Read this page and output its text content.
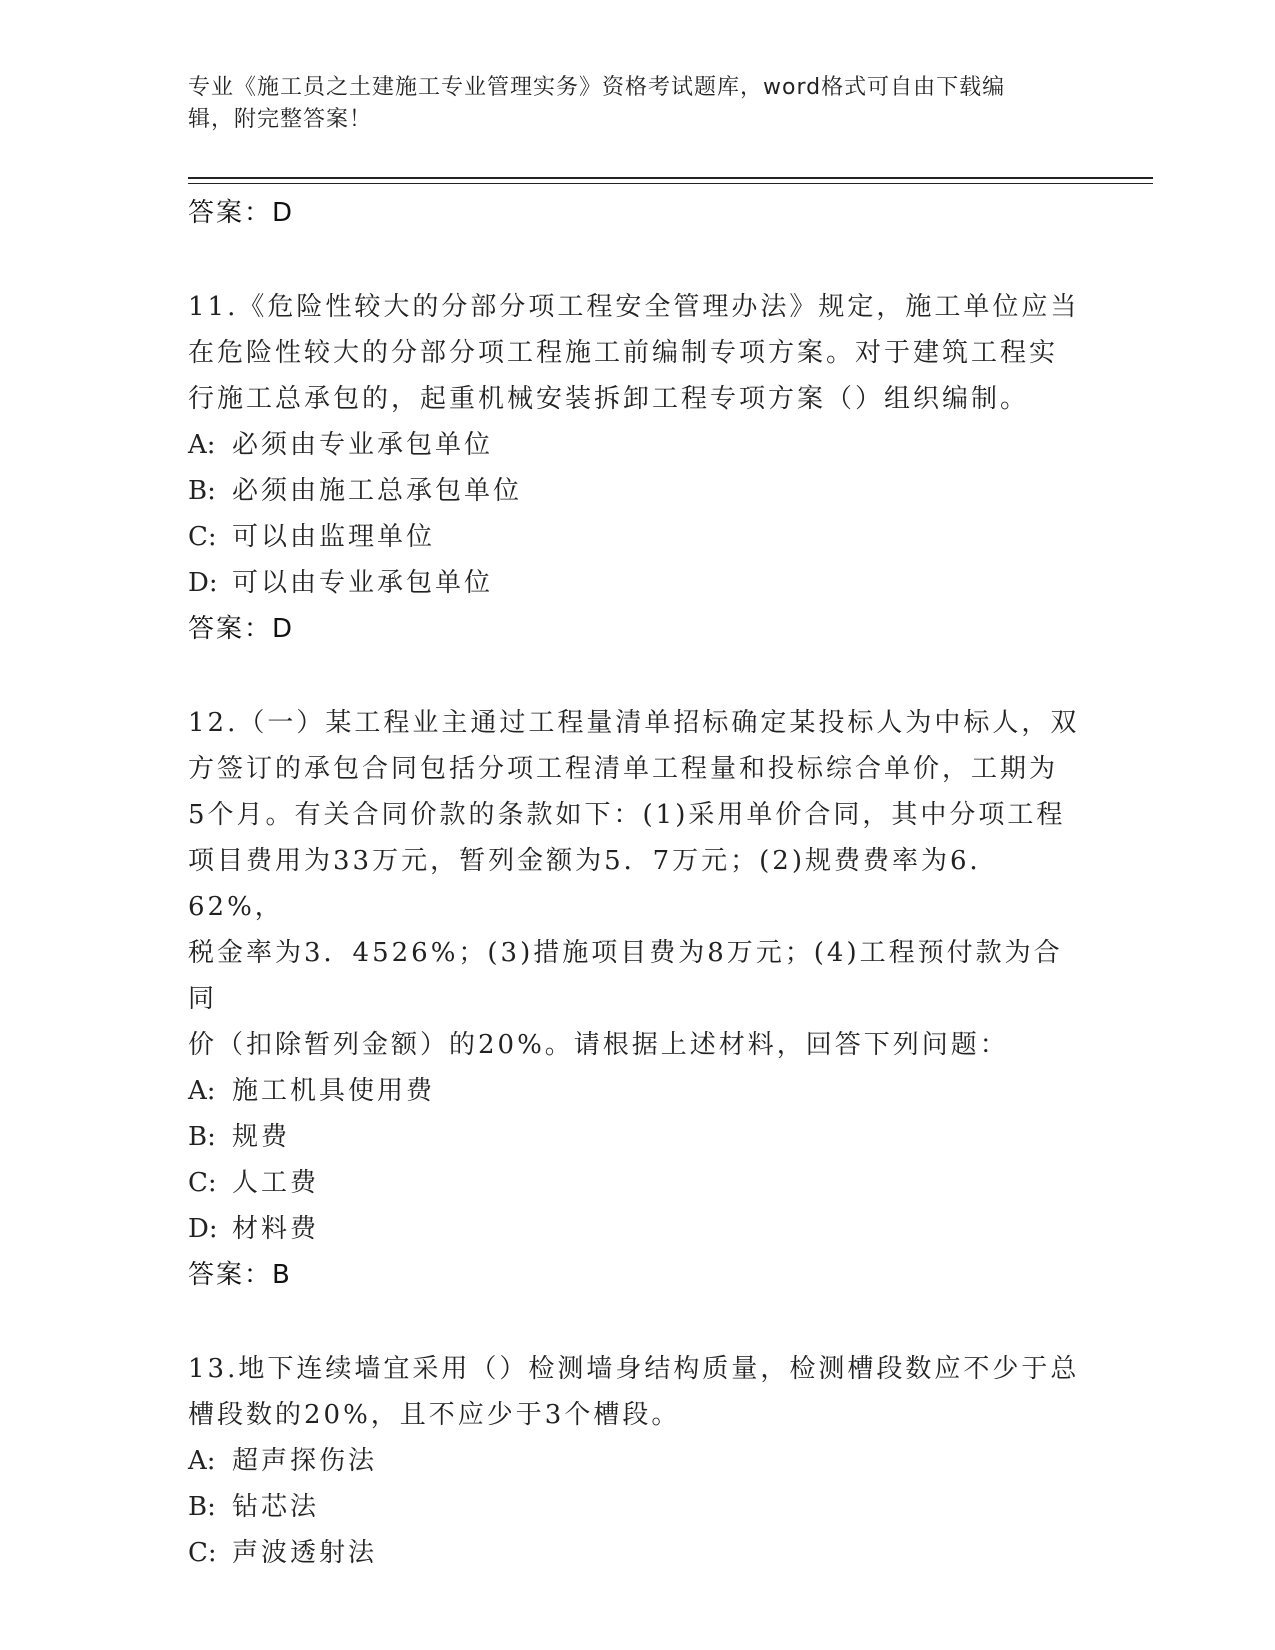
专业《施工员之土建施工专业管理实务》资格考试题库，word格式可自由下载编
辑，附完整答案！
答案：D
11.《危险性较大的分部分项工程安全管理办法》规定，施工单位应当
在危险性较大的分部分项工程施工前编制专项方案。对于建筑工程实
行施工总承包的，起重机械安装拆卸工程专项方案（）组织编制。
A: 必须由专业承包单位
B: 必须由施工总承包单位
C: 可以由监理单位
D: 可以由专业承包单位
答案：D
12.（一）某工程业主通过工程量清单招标确定某投标人为中标人，双
方签订的承包合同包括分项工程清单工程量和投标综合单价，工期为
5个月。有关合同价款的条款如下：(1)采用单价合同，其中分项工程
项目费用为33万元，暂列金额为5．7万元；(2)规费费率为6．62%，
税金率为3．4526%；(3)措施项目费为8万元；(4)工程预付款为合同
价（扣除暂列金额）的20%。请根据上述材料，回答下列问题：
A: 施工机具使用费
B: 规费
C: 人工费
D: 材料费
答案：B
13.地下连续墙宜采用（）检测墙身结构质量，检测槽段数应不少于总
槽段数的20%，且不应少于3个槽段。
A: 超声探伤法
B: 钻芯法
C: 声波透射法
